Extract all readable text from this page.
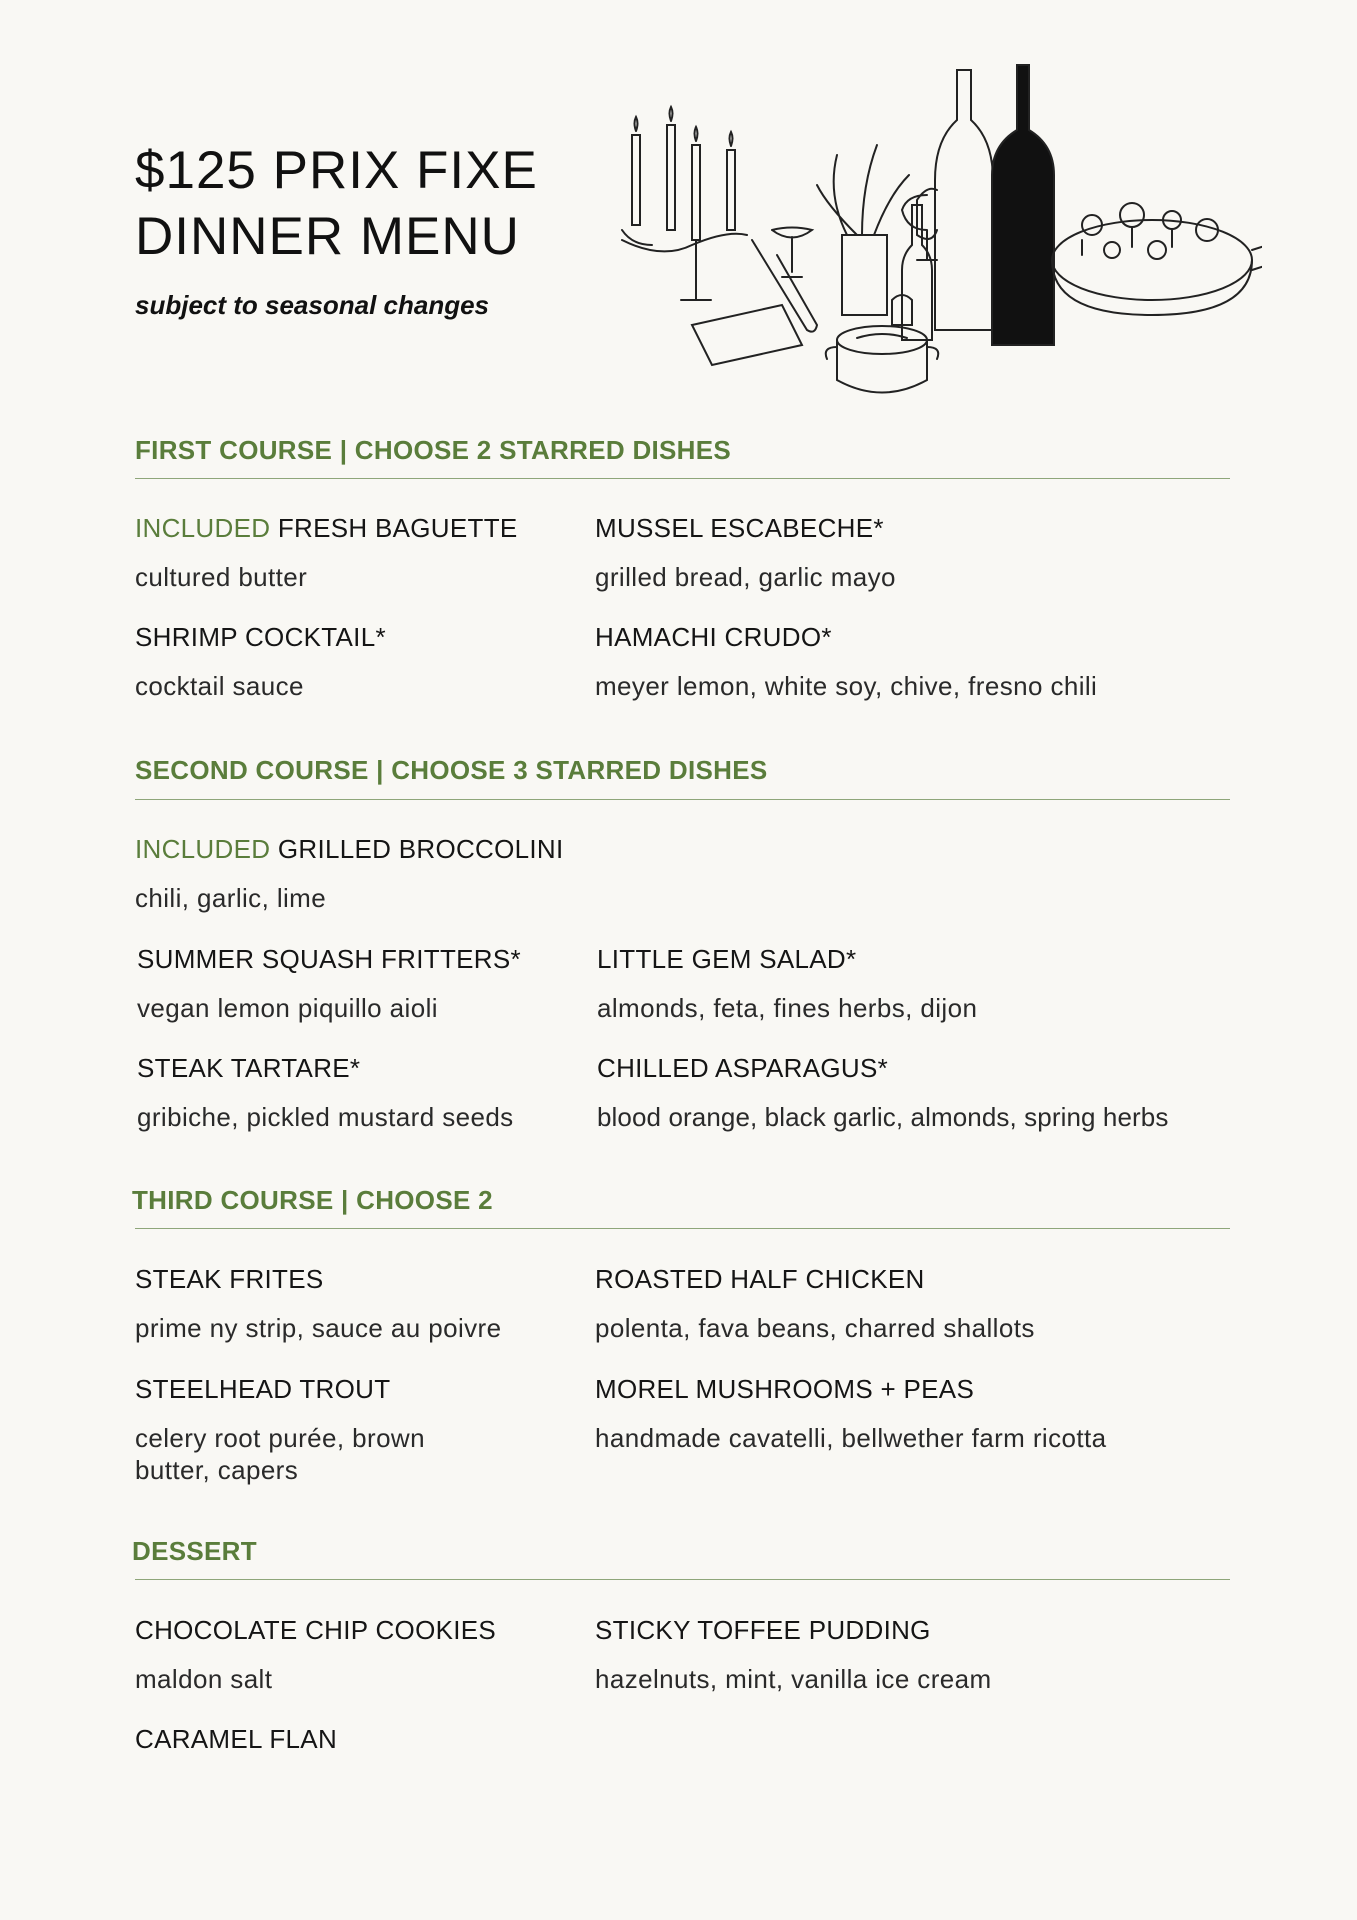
$125 PRIX FIXE
DINNER MENU
subject to seasonal changes
FIRST COURSE | CHOOSE 2 STARRED DISHES
INCLUDED FRESH BAGUETTE
cultured butter
MUSSEL ESCABECHE*
grilled bread, garlic mayo
SHRIMP COCKTAIL*
cocktail sauce
HAMACHI CRUDO*
meyer lemon, white soy, chive, fresno chili
SECOND COURSE | CHOOSE 3 STARRED DISHES
INCLUDED GRILLED BROCCOLINI
chili, garlic, lime
SUMMER SQUASH FRITTERS*
vegan lemon piquillo aioli
LITTLE GEM SALAD*
almonds, feta, fines herbs, dijon
STEAK TARTARE*
gribiche, pickled mustard seeds
CHILLED ASPARAGUS*
blood orange, black garlic, almonds, spring herbs
THIRD COURSE | CHOOSE 2
STEAK FRITES
prime ny strip, sauce au poivre
ROASTED HALF CHICKEN
polenta, fava beans, charred shallots
STEELHEAD TROUT
celery root purée, brown butter, capers
MOREL MUSHROOMS + PEAS
handmade cavatelli, bellwether farm ricotta
DESSERT
CHOCOLATE CHIP COOKIES
maldon salt
STICKY TOFFEE PUDDING
hazelnuts, mint, vanilla ice cream
CARAMEL FLAN
